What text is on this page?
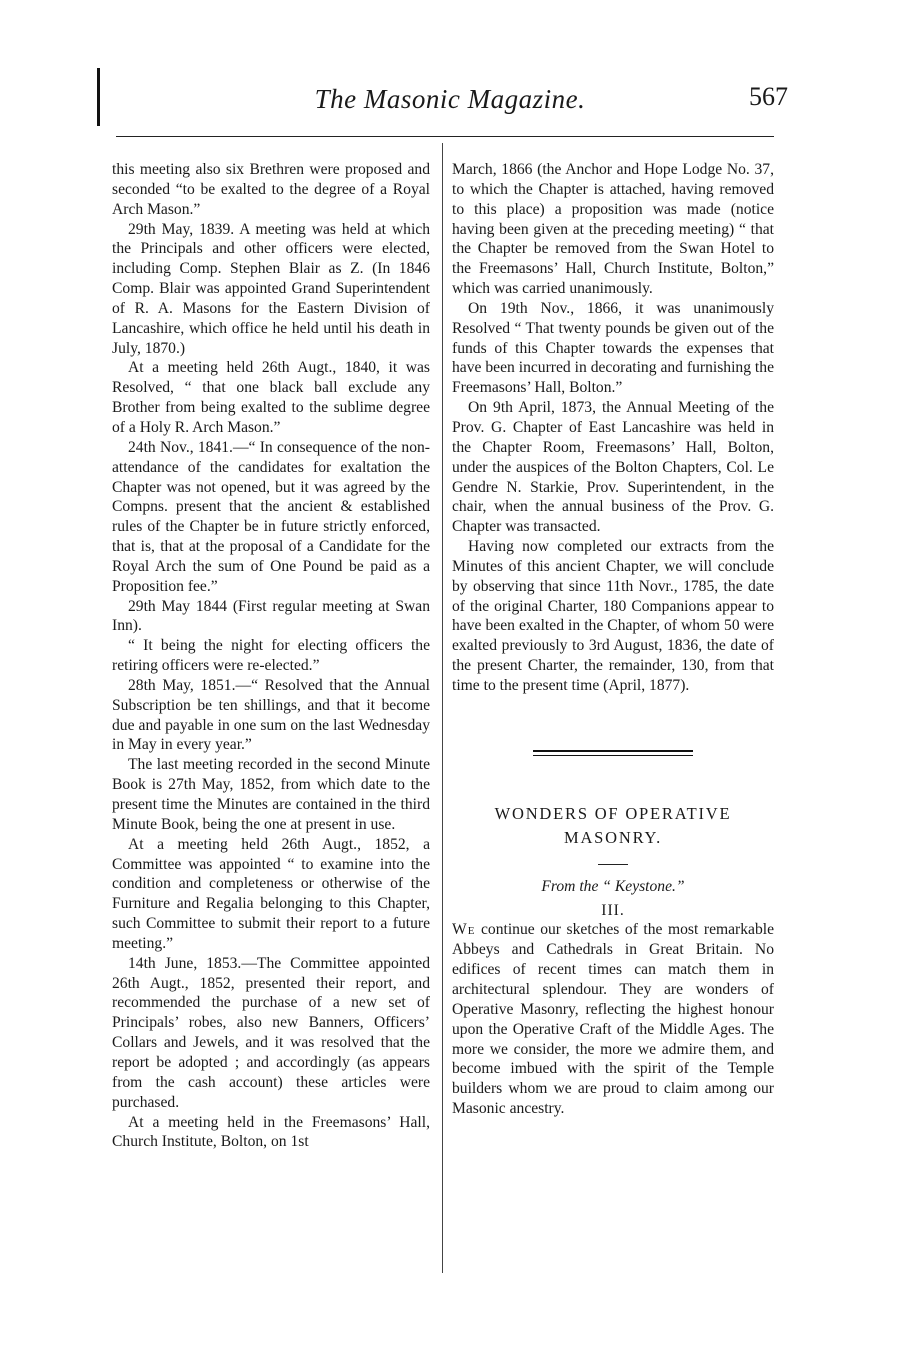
The Masonic Magazine.	567

this meeting also six Brethren were proposed and seconded “to be exalted to the degree of a Royal Arch Mason.”

29th May, 1839. A meeting was held at which the Principals and other officers were elected, including Comp. Stephen Blair as Z. (In 1846 Comp. Blair was appointed Grand Superintendent of R. A. Masons for the Eastern Division of Lancashire, which office he held until his death in July, 1870.)

At a meeting held 26th Augt., 1840, it was Resolved, “ that one black ball exclude any Brother from being exalted to the sublime degree of a Holy R. Arch Mason.”

24th Nov., 1841.—“ In consequence of the non-attendance of the candidates for exaltation the Chapter was not opened, but it was agreed by the Compns. present that the ancient & established rules of the Chapter be in future strictly enforced, that is, that at the proposal of a Candidate for the Royal Arch the sum of One Pound be paid as a Proposition fee.”

29th May 1844 (First regular meeting at Swan Inn).

“ It being the night for electing officers the retiring officers were re-elected.”

28th May, 1851.—“ Resolved that the Annual Subscription be ten shillings, and that it become due and payable in one sum on the last Wednesday in May in every year.”

The last meeting recorded in the second Minute Book is 27th May, 1852, from which date to the present time the Minutes are contained in the third Minute Book, being the one at present in use.

At a meeting held 26th Augt., 1852, a Committee was appointed “ to examine into the condition and completeness or otherwise of the Furniture and Regalia belonging to this Chapter, such Committee to submit their report to a future meeting.”

14th June, 1853.—The Committee appointed 26th Augt., 1852, presented their report, and recommended the purchase of a new set of Principals’ robes, also new Banners, Officers’ Collars and Jewels, and it was resolved that the report be adopted ; and accordingly (as appears from the cash account) these articles were purchased.

At a meeting held in the Freemasons’ Hall, Church Institute, Bolton, on 1st

March, 1866 (the Anchor and Hope Lodge No. 37, to which the Chapter is attached, having removed to this place) a proposition was made (notice having been given at the preceding meeting) “ that the Chapter be removed from the Swan Hotel to the Freemasons’ Hall, Church Institute, Bolton,” which was carried unanimously.

On 19th Nov., 1866, it was unanimously Resolved “ That twenty pounds be given out of the funds of this Chapter towards the expenses that have been incurred in decorating and furnishing the Freemasons’ Hall, Bolton.”

On 9th April, 1873, the Annual Meeting of the Prov. G. Chapter of East Lancashire was held in the Chapter Room, Freemasons’ Hall, Bolton, under the auspices of the Bolton Chapters, Col. Le Gendre N. Starkie, Prov. Superintendent, in the chair, when the annual business of the Prov. G. Chapter was transacted.

Having now completed our extracts from the Minutes of this ancient Chapter, we will conclude by observing that since 11th Novr., 1785, the date of the original Charter, 180 Companions appear to have been exalted in the Chapter, of whom 50 were exalted previously to 3rd August, 1836, the date of the present Charter, the remainder, 130, from that time to the present time (April, 1877).

WONDERS OF OPERATIVE
MASONRY.
From the “ Keystone.”
III.

We continue our sketches of the most remarkable Abbeys and Cathedrals in Great Britain. No edifices of recent times can match them in architectural splendour. They are wonders of Operative Masonry, reflecting the highest honour upon the Operative Craft of the Middle Ages. The more we consider, the more we admire them, and become imbued with the spirit of the Temple builders whom we are proud to claim among our Masonic ancestry.
